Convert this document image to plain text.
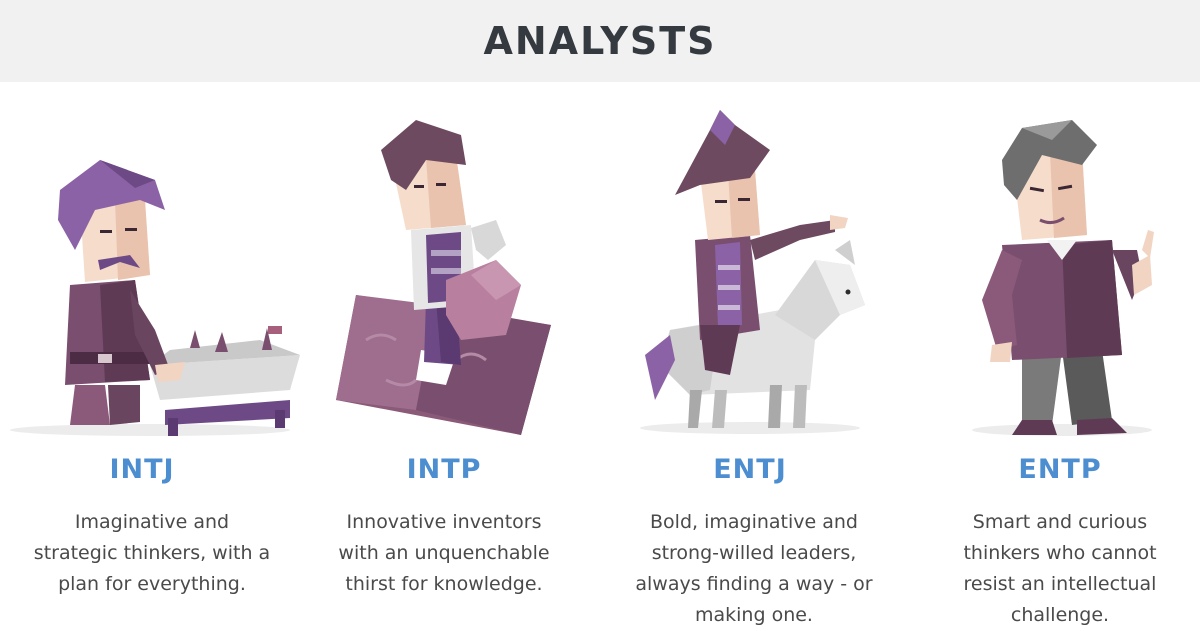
ANALYSTS
INTJ
Imaginative and strategic thinkers, with a plan for everything.
INTP
Innovative inventors with an unquenchable thirst for knowledge.
ENTJ
Bold, imaginative and strong-willed leaders, always finding a way - or making one.
ENTP
Smart and curious thinkers who cannot resist an intellectual challenge.
